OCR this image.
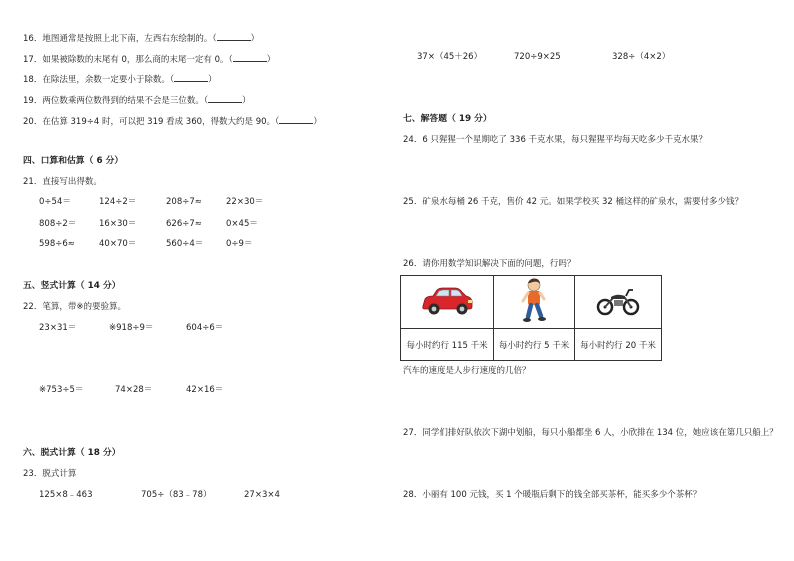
16．地图通常是按照上北下南，左西右东绘制的。（	）
17．如果被除数的末尾有 0，那么商的末尾一定有 0。（	）
18．在除法里，余数一定要小于除数。（	）
19．两位数乘两位数得到的结果不会是三位数。（	）
20．在估算 319÷4 时，可以把 319 看成 360，得数大约是 90。（	）
四、口算和估算（ 6 分）
21．直接写出得数。
0÷54＝	124÷2＝	208÷7≈	22×30＝
808÷2＝	16×30＝	626÷7≈	0×45＝
598÷6≈	40×70＝	560÷4＝	0÷9＝
五、竖式计算（ 14 分）
22．笔算，带※的要验算。
23×31＝	※918÷9＝	604÷6＝
※753÷5＝	74×28＝	42×16＝
六、脱式计算（ 18 分）
23．脱式计算
125×8﹣463	705÷（83﹣78）	27×3×4
37×（45＋26）	720÷9×25	328÷（4×2）
七、解答题（ 19 分）
24．6 只猩猩一个星期吃了 336 千克水果，每只猩猩平均每天吃多少千克水果？
25．矿泉水每桶 26 千克，售价 42 元。如果学校买 32 桶这样的矿泉水，需要付多少钱？
26．请你用数学知识解决下面的问题，行吗？

每小时约行 115 千米	每小时约行 5 千米	每小时约行 20 千米
汽车的速度是人步行速度的几倍？
27．同学们排好队依次下湖中划船，每只小船都坐 6 人，小欣排在 134 位，她应该在第几只船上？
28．小丽有 100 元钱，买 1 个暖瓶后剩下的钱全部买茶杯，能买多少个茶杯？
